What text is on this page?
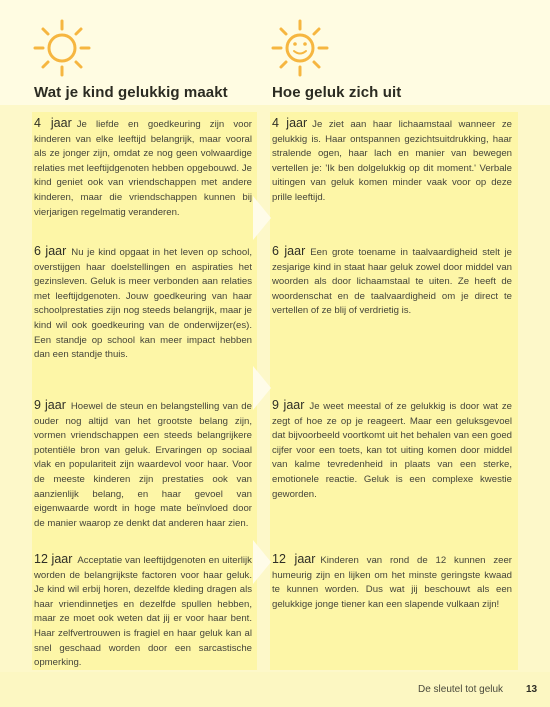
Wat je kind gelukkig maakt	Hoe geluk zich uit

4 jaar Je liefde en goedkeuring zijn voor kinderen van elke leeftijd belangrijk, maar vooral als ze jonger zijn, omdat ze nog geen volwaardige relaties met leeftijdgenoten hebben opgebouwd. Je kind geniet ook van vriendschappen met andere kinderen, maar die vriendschappen kunnen bij vierjarigen regelmatig veranderen.

6 jaar Nu je kind opgaat in het leven op school, overstijgen haar doelstellingen en aspiraties het gezinsleven. Geluk is meer verbonden aan relaties met leeftijdgenoten. Jouw goedkeuring van haar schoolprestaties zijn nog steeds belangrijk, maar je kind wil ook goedkeuring van de onderwijzer(es). Een standje op school kan meer impact hebben dan een standje thuis.

9 jaar Hoewel de steun en belangstelling van de ouder nog altijd van het grootste belang zijn, vormen vriendschappen een steeds belangrijkere potentiële bron van geluk. Ervaringen op sociaal vlak en populariteit zijn waardevol voor haar. Voor de meeste kinderen zijn prestaties ook van aanzienlijk belang, en haar gevoel van eigenwaarde wordt in hoge mate beïnvloed door de manier waarop ze denkt dat anderen haar zien.

12 jaar Acceptatie van leeftijdgenoten en uiterlijk worden de belangrijkste factoren voor haar geluk. Je kind wil erbij horen, dezelfde kleding dragen als haar vriendinnetjes en dezelfde spullen hebben, maar ze moet ook weten dat jij er voor haar bent. Haar zelfvertrouwen is fragiel en haar geluk kan al snel geschaad worden door een sarcastische opmerking.

4 jaar Je ziet aan haar lichaamstaal wanneer ze gelukkig is. Haar ontspannen gezichtsuitdrukking, haar stralende ogen, haar lach en manier van bewegen vertellen je: 'Ik ben dolgelukkig op dit moment.' Verbale uitingen van geluk komen minder vaak voor op deze prille leeftijd.

6 jaar Een grote toename in taalvaardigheid stelt je zesjarige kind in staat haar geluk zowel door middel van woorden als door lichaamstaal te uiten. Ze heeft de woordenschat en de taalvaardigheid om je direct te vertellen of ze blij of verdrietig is.

9 jaar Je weet meestal of ze gelukkig is door wat ze zegt of hoe ze op je reageert. Maar een geluksgevoel dat bijvoorbeeld voortkomt uit het behalen van een goed cijfer voor een toets, kan tot uiting komen door middel van kalme tevredenheid in plaats van een sterke, emotionele reactie. Geluk is een complexe kwestie geworden.

12 jaar Kinderen van rond de 12 kunnen zeer humeurig zijn en lijken om het minste geringste kwaad te kunnen worden. Dus wat jij beschouwt als een gelukkige jonge tiener kan een slapende vulkaan zijn!

De sleutel tot geluk 13
